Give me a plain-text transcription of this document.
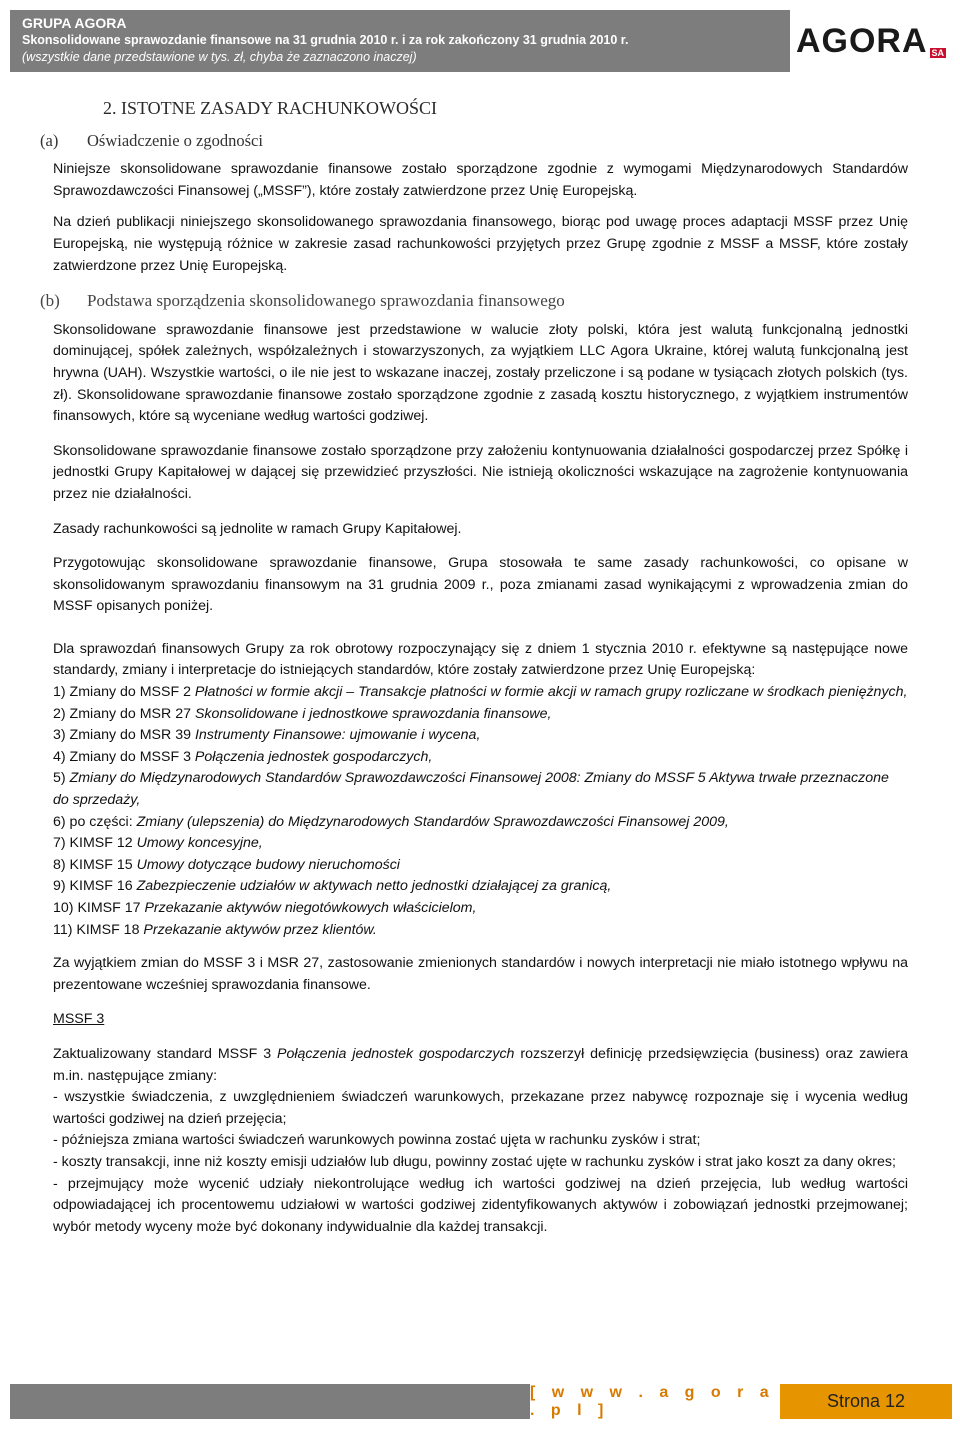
GRUPA AGORA
Skonsolidowane sprawozdanie finansowe na 31 grudnia 2010 r. i za rok zakończony 31 grudnia 2010 r.
(wszystkie dane przedstawione w tys. zł, chyba że zaznaczono inaczej)	AGORA SA
2. ISTOTNE ZASADY RACHUNKOWOŚCI
(a)	Oświadczenie o zgodności

Niniejsze skonsolidowane sprawozdanie finansowe zostało sporządzone zgodnie z wymogami Międzynarodowych Standardów Sprawozdawczości Finansowej („MSSF”), które zostały zatwierdzone przez Unię Europejską.

Na dzień publikacji niniejszego skonsolidowanego sprawozdania finansowego, biorąc pod uwagę proces adaptacji MSSF przez Unię Europejską, nie występują różnice w zakresie zasad rachunkowości przyjętych przez Grupę zgodnie z MSSF a MSSF, które zostały zatwierdzone przez Unię Europejską.

(b)	Podstawa sporządzenia skonsolidowanego sprawozdania finansowego

Skonsolidowane sprawozdanie finansowe jest przedstawione w walucie złoty polski, która jest walutą funkcjonalną jednostki dominującej, spółek zależnych, współzależnych i stowarzyszonych, za wyjątkiem LLC Agora Ukraine, której walutą funkcjonalną jest hrywna (UAH). Wszystkie wartości, o ile nie jest to wskazane inaczej, zostały przeliczone i są podane w tysiącach złotych polskich (tys. zł). Skonsolidowane sprawozdanie finansowe zostało sporządzone zgodnie z zasadą kosztu historycznego, z wyjątkiem instrumentów finansowych, które są wyceniane według wartości godziwej.

Skonsolidowane sprawozdanie finansowe zostało sporządzone przy założeniu kontynuowania działalności gospodarczej przez Spółkę i jednostki Grupy Kapitałowej w dającej się przewidzieć przyszłości. Nie istnieją okoliczności wskazujące na zagrożenie kontynuowania przez nie działalności.

Zasady rachunkowości są jednolite w ramach Grupy Kapitałowej.

Przygotowując skonsolidowane sprawozdanie finansowe, Grupa stosowała te same zasady rachunkowości, co opisane w skonsolidowanym sprawozdaniu finansowym na 31 grudnia 2009 r., poza zmianami zasad wynikającymi z wprowadzenia zmian do MSSF opisanych poniżej.

Dla sprawozdań finansowych Grupy za rok obrotowy rozpoczynający się z dniem 1 stycznia 2010 r. efektywne są następujące nowe standardy, zmiany i interpretacje do istniejących standardów, które zostały zatwierdzone przez Unię Europejską:

1) Zmiany do MSSF 2 Płatności w formie akcji – Transakcje płatności w formie akcji w ramach grupy rozliczane w środkach pieniężnych,
2) Zmiany do MSR 27 Skonsolidowane i jednostkowe sprawozdania finansowe,
3) Zmiany do MSR 39 Instrumenty Finansowe: ujmowanie i wycena,
4) Zmiany do MSSF 3 Połączenia jednostek gospodarczych,
5) Zmiany do Międzynarodowych Standardów Sprawozdawczości Finansowej 2008: Zmiany do MSSF 5 Aktywa trwałe przeznaczone do sprzedaży,
6) po części: Zmiany (ulepszenia) do Międzynarodowych Standardów Sprawozdawczości Finansowej 2009,
7) KIMSF 12 Umowy koncesyjne,
8) KIMSF 15 Umowy dotyczące budowy nieruchomości
9) KIMSF 16 Zabezpieczenie udziałów w aktywach netto jednostki działającej za granicą,
10) KIMSF 17 Przekazanie aktywów niegotówkowych właścicielom,
11) KIMSF 18 Przekazanie aktywów przez klientów.

Za wyjątkiem zmian do MSSF 3 i MSR 27, zastosowanie zmienionych standardów i nowych interpretacji nie miało istotnego wpływu na prezentowane wcześniej sprawozdania finansowe.

MSSF 3

Zaktualizowany standard MSSF 3 Połączenia jednostek gospodarczych rozszerzył definicję przedsięwzięcia (business) oraz zawiera m.in. następujące zmiany:

- wszystkie świadczenia, z uwzględnieniem świadczeń warunkowych, przekazane przez nabywcę rozpoznaje się i wycenia według wartości godziwej na dzień przejęcia;
- późniejsza zmiana wartości świadczeń warunkowych powinna zostać ujęta w rachunku zysków i strat;
- koszty transakcji, inne niż koszty emisji udziałów lub długu, powinny zostać ujęte w rachunku zysków i strat jako koszt za dany okres;
- przejmujący może wycenić udziały niekontrolujące według ich wartości godziwej na dzień przejęcia, lub według wartości odpowiadającej ich procentowemu udziałowi w wartości godziwej zidentyfikowanych aktywów i zobowiązań jednostki przejmowanej; wybór metody wyceny może być dokonany indywidualnie dla każdej transakcji.
[ w w w . a g o r a . p l ]	Strona 12
